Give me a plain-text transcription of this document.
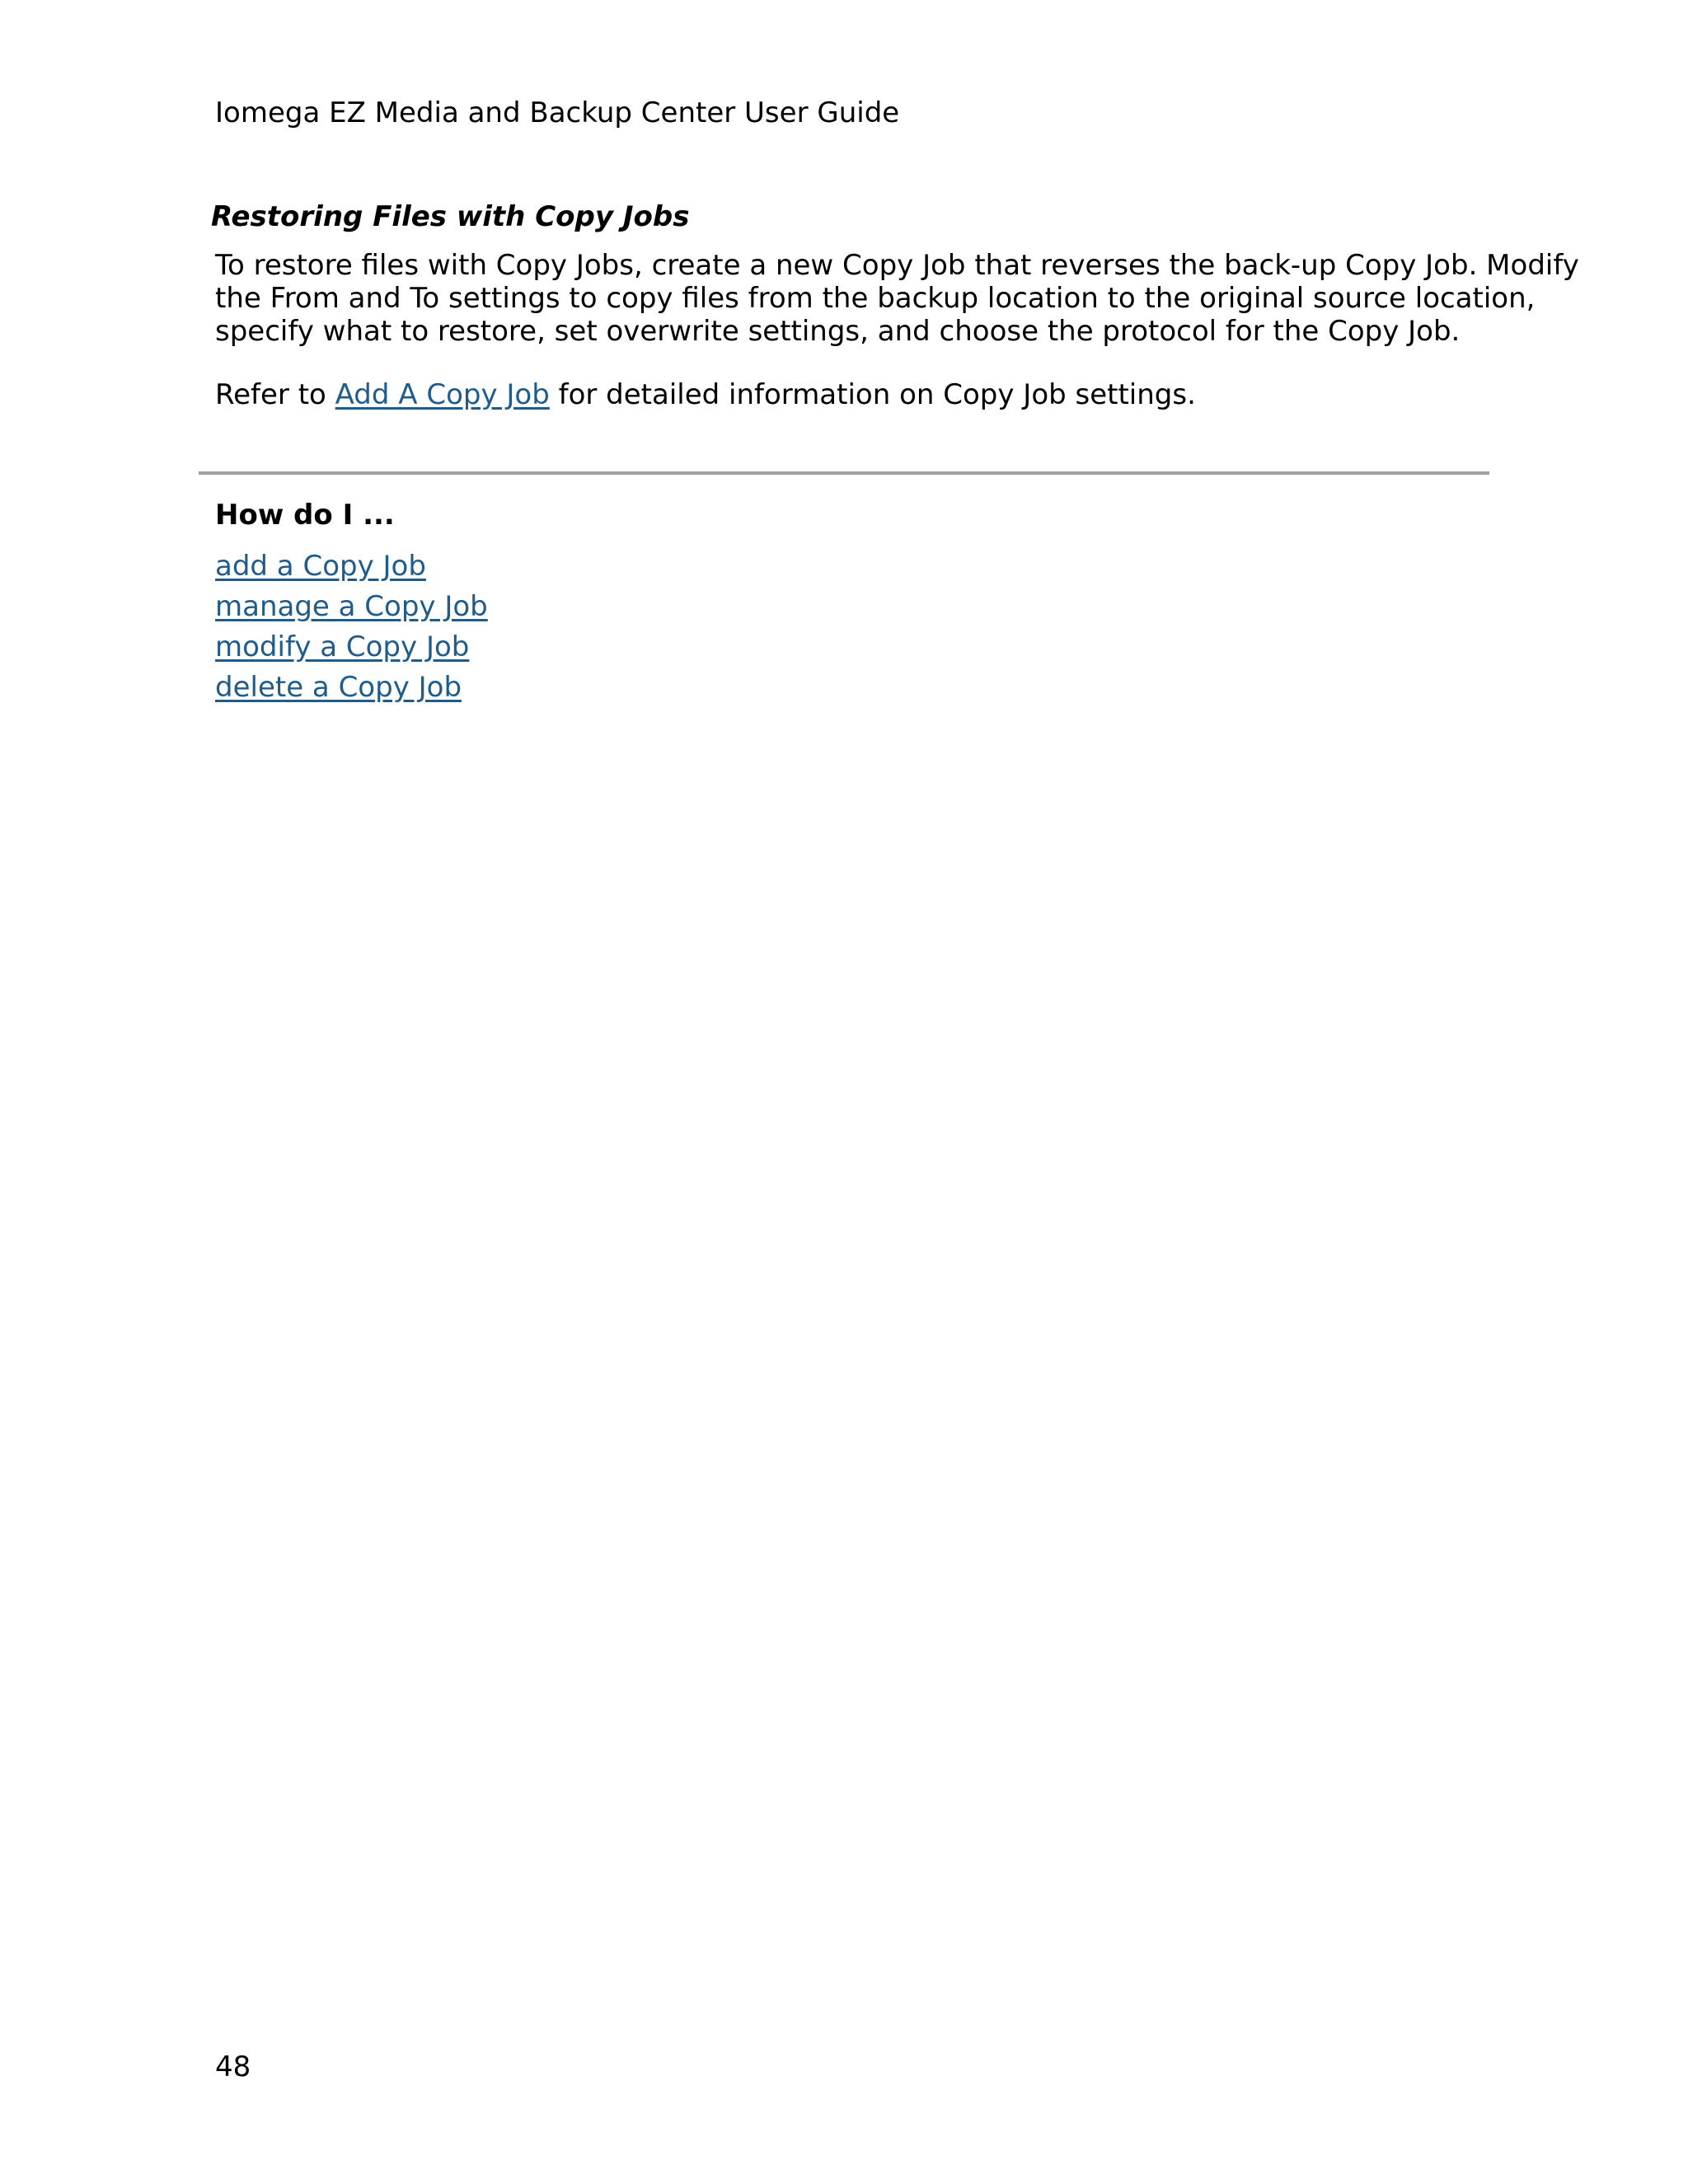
Iomega EZ Media and Backup Center User Guide
Restoring Files with Copy Jobs
To restore files with Copy Jobs, create a new Copy Job that reverses the back-up Copy Job. Modify
the From and To settings to copy files from the backup location to the original source location,
specify what to restore, set overwrite settings, and choose the protocol for the Copy Job.
Refer to Add A Copy Job for detailed information on Copy Job settings.
How do I ...
add a Copy Job
manage a Copy Job
modify a Copy Job
delete a Copy Job
48
